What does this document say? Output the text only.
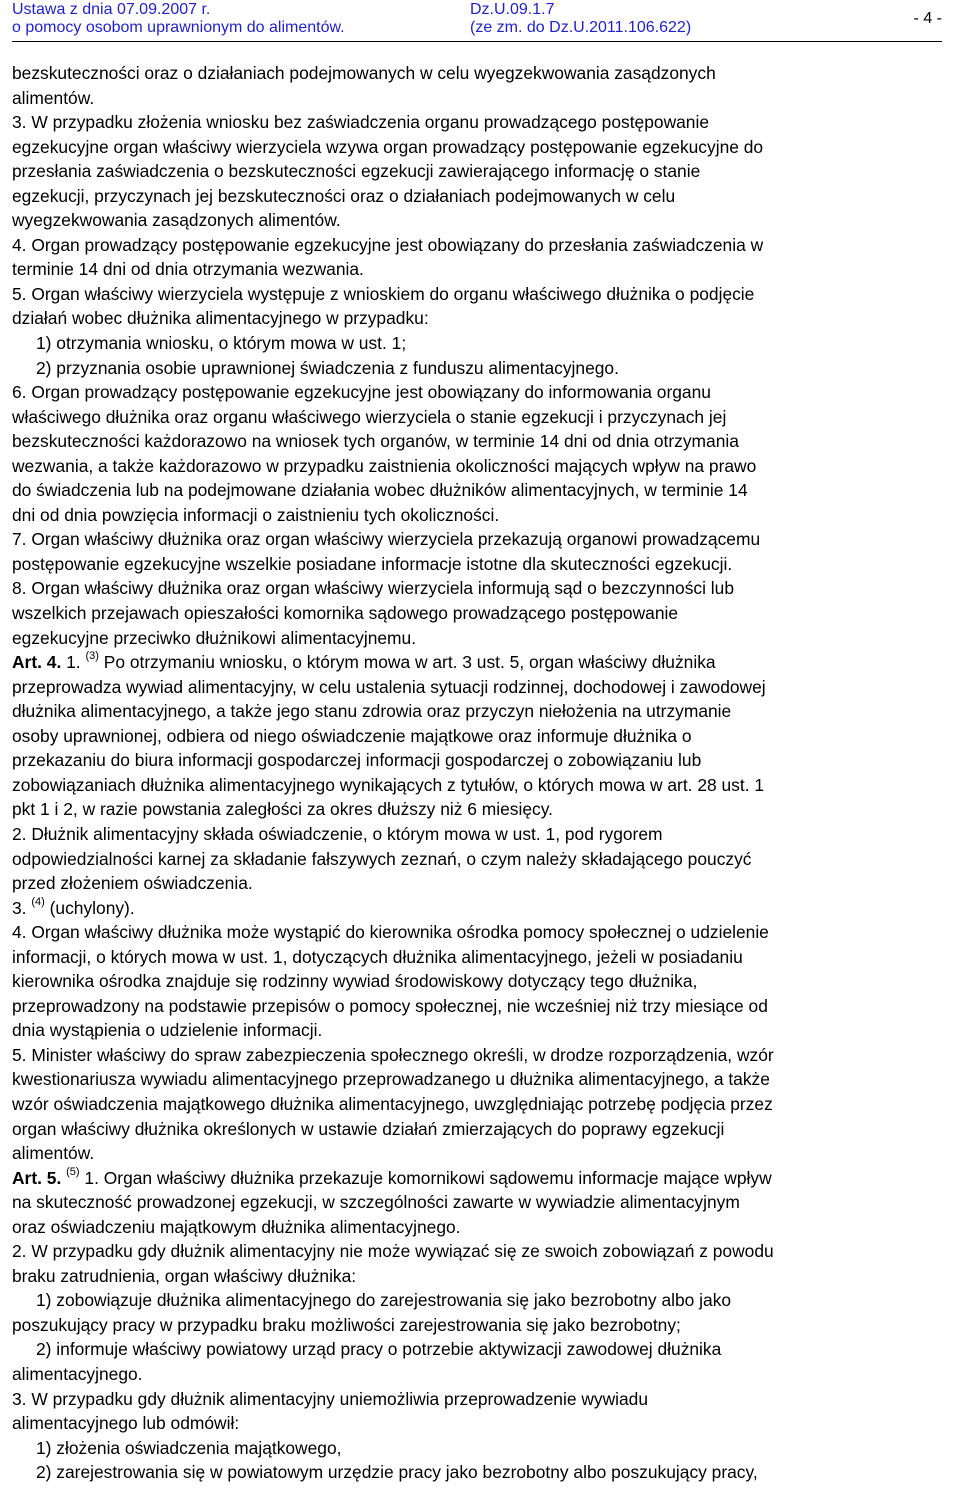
Ustawa z dnia 07.09.2007 r.
o pomocy osobom uprawnionym do alimentów.
Dz.U.09.1.7
(ze zm. do Dz.U.2011.106.622)
- 4 -
bezskuteczności oraz o działaniach podejmowanych w celu wyegzekwowania zasądzonych
alimentów.
3. W przypadku złożenia wniosku bez zaświadczenia organu prowadzącego postępowanie
egzekucyjne organ właściwy wierzyciela wzywa organ prowadzący postępowanie egzekucyjne do
przesłania zaświadczenia o bezskuteczności egzekucji zawierającego informację o stanie
egzekucji, przyczynach jej bezskuteczności oraz o działaniach podejmowanych w celu
wyegzekwowania zasądzonych alimentów.
4. Organ prowadzący postępowanie egzekucyjne jest obowiązany do przesłania zaświadczenia w
terminie 14 dni od dnia otrzymania wezwania.
5. Organ właściwy wierzyciela występuje z wnioskiem do organu właściwego dłużnika o podjęcie
działań wobec dłużnika alimentacyjnego w przypadku:
1) otrzymania wniosku, o którym mowa w ust. 1;
2) przyznania osobie uprawnionej świadczenia z funduszu alimentacyjnego.
6. Organ prowadzący postępowanie egzekucyjne jest obowiązany do informowania organu
właściwego dłużnika oraz organu właściwego wierzyciela o stanie egzekucji i przyczynach jej
bezskuteczności każdorazowo na wniosek tych organów, w terminie 14 dni od dnia otrzymania
wezwania, a także każdorazowo w przypadku zaistnienia okoliczności mających wpływ na prawo
do świadczenia lub na podejmowane działania wobec dłużników alimentacyjnych, w terminie 14
dni od dnia powzięcia informacji o zaistnieniu tych okoliczności.
7. Organ właściwy dłużnika oraz organ właściwy wierzyciela przekazują organowi prowadzącemu
postępowanie egzekucyjne wszelkie posiadane informacje istotne dla skuteczności egzekucji.
8. Organ właściwy dłużnika oraz organ właściwy wierzyciela informują sąd o bezczynności lub
wszelkich przejawach opieszałości komornika sądowego prowadzącego postępowanie
egzekucyjne przeciwko dłużnikowi alimentacyjnemu.
Art. 4. 1. $^{(3)}$ Po otrzymaniu wniosku, o którym mowa w art. 3 ust. 5, organ właściwy dłużnika
przeprowadza wywiad alimentacyjny, w celu ustalenia sytuacji rodzinnej, dochodowej i zawodowej
dłużnika alimentacyjnego, a także jego stanu zdrowia oraz przyczyn niełożenia na utrzymanie
osoby uprawnionej, odbiera od niego oświadczenie majątkowe oraz informuje dłużnika o
przekazaniu do biura informacji gospodarczej informacji gospodarczej o zobowiązaniu lub
zobowiązaniach dłużnika alimentacyjnego wynikających z tytułów, o których mowa w art. 28 ust. 1
pkt 1 i 2, w razie powstania zaległości za okres dłuższy niż 6 miesięcy.
2. Dłużnik alimentacyjny składa oświadczenie, o którym mowa w ust. 1, pod rygorem
odpowiedzialności karnej za składanie fałszywych zeznań, o czym należy składającego pouczyć
przed złożeniem oświadczenia.
3. $^{(4)}$ (uchylony).
4. Organ właściwy dłużnika może wystąpić do kierownika ośrodka pomocy społecznej o udzielenie
informacji, o których mowa w ust. 1, dotyczących dłużnika alimentacyjnego, jeżeli w posiadaniu
kierownika ośrodka znajduje się rodzinny wywiad środowiskowy dotyczący tego dłużnika,
przeprowadzony na podstawie przepisów o pomocy społecznej, nie wcześniej niż trzy miesiące od
dnia wystąpienia o udzielenie informacji.
5. Minister właściwy do spraw zabezpieczenia społecznego określi, w drodze rozporządzenia, wzór
kwestionariusza wywiadu alimentacyjnego przeprowadzanego u dłużnika alimentacyjnego, a także
wzór oświadczenia majątkowego dłużnika alimentacyjnego, uwzględniając potrzebę podjęcia przez
organ właściwy dłużnika określonych w ustawie działań zmierzających do poprawy egzekucji
alimentów.
Art. 5. $^{(5)}$ 1. Organ właściwy dłużnika przekazuje komornikowi sądowemu informacje mające wpływ
na skuteczność prowadzonej egzekucji, w szczególności zawarte w wywiadzie alimentacyjnym
oraz oświadczeniu majątkowym dłużnika alimentacyjnego.
2. W przypadku gdy dłużnik alimentacyjny nie może wywiązać się ze swoich zobowiązań z powodu
braku zatrudnienia, organ właściwy dłużnika:
1) zobowiązuje dłużnika alimentacyjnego do zarejestrowania się jako bezrobotny albo jako
poszukujący pracy w przypadku braku możliwości zarejestrowania się jako bezrobotny;
2) informuje właściwy powiatowy urząd pracy o potrzebie aktywizacji zawodowej dłużnika
alimentacyjnego.
3. W przypadku gdy dłużnik alimentacyjny uniemożliwia przeprowadzenie wywiadu
alimentacyjnego lub odmówił:
1) złożenia oświadczenia majątkowego,
2) zarejestrowania się w powiatowym urzędzie pracy jako bezrobotny albo poszukujący pracy,
